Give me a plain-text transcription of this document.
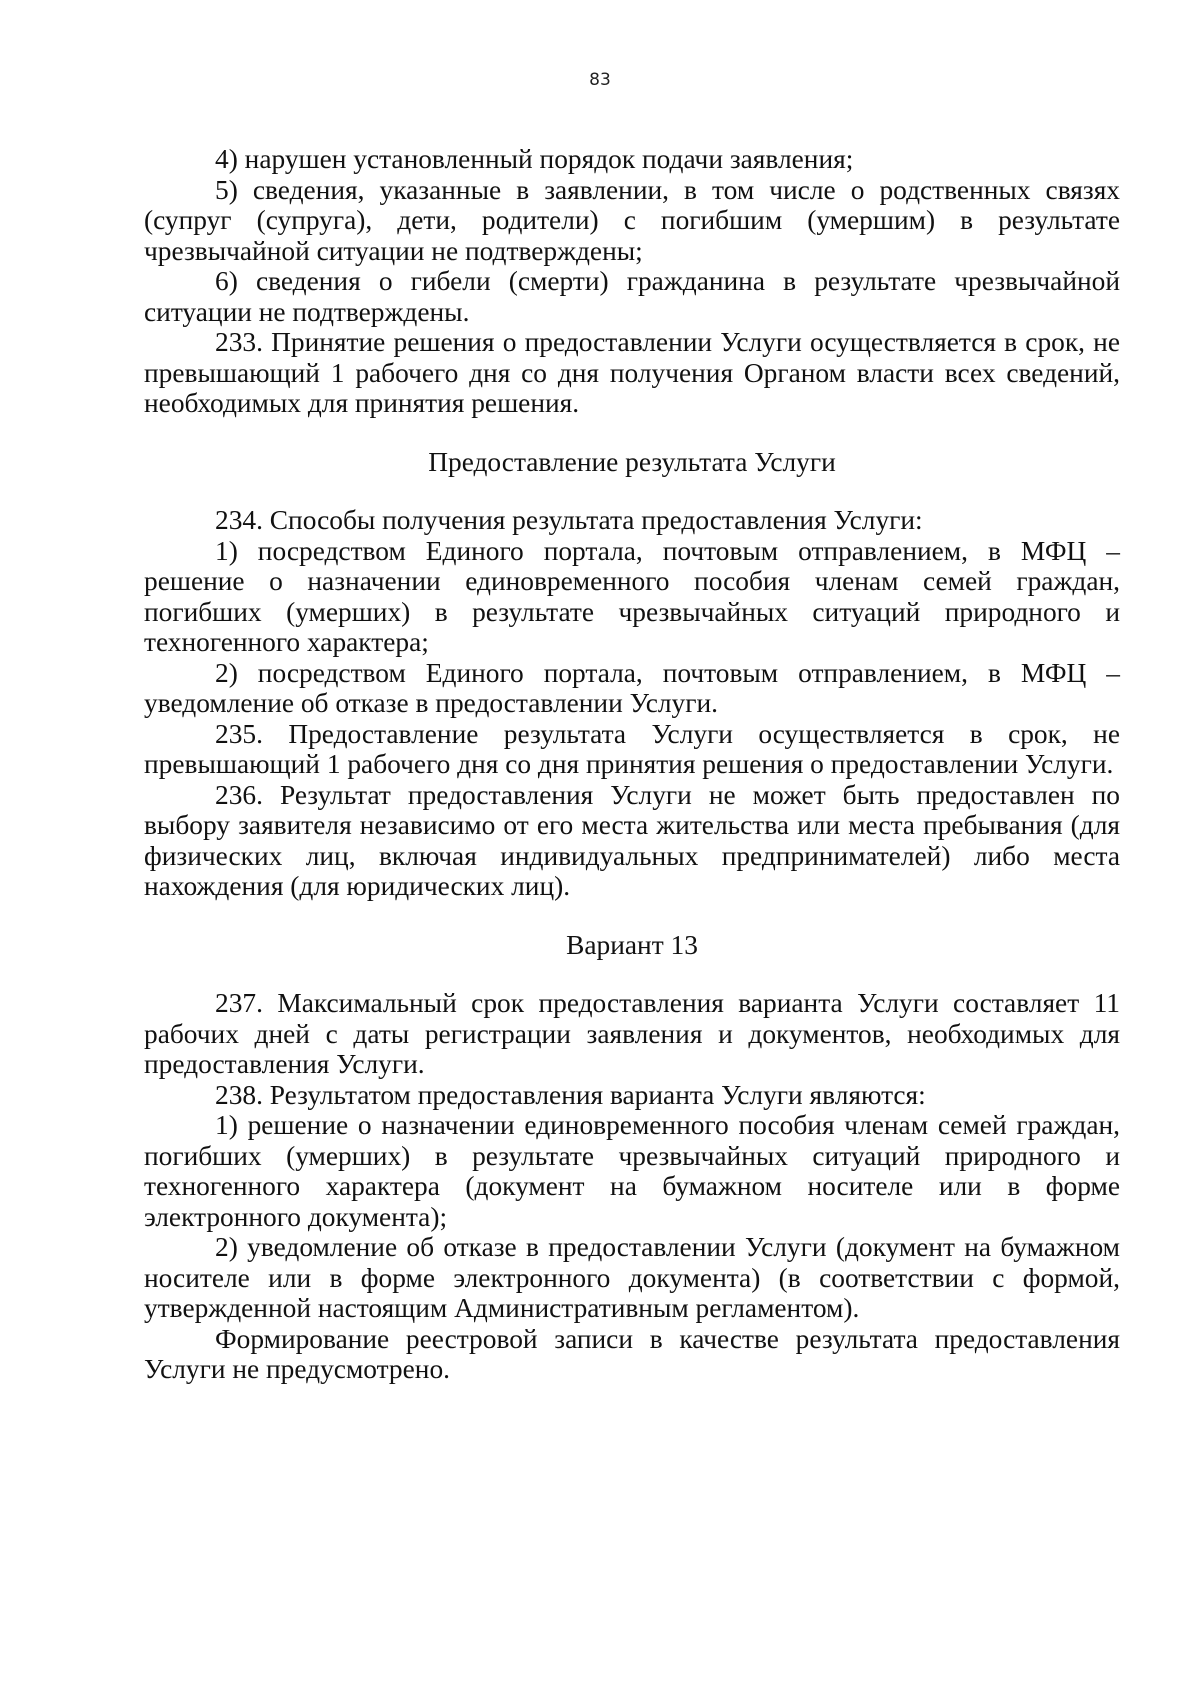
83

4) нарушен установленный порядок подачи заявления;

5) сведения, указанные в заявлении, в том числе о родственных связях (супруг (супруга), дети, родители) с погибшим (умершим) в результате чрезвычайной ситуации не подтверждены;

6) сведения о гибели (смерти) гражданина в результате чрезвычайной ситуации не подтверждены.

233. Принятие решения о предоставлении Услуги осуществляется в срок, не превышающий 1 рабочего дня со дня получения Органом власти всех сведений, необходимых для принятия решения.

Предоставление результата Услуги

234. Способы получения результата предоставления Услуги:

1) посредством Единого портала, почтовым отправлением, в МФЦ – решение о назначении единовременного пособия членам семей граждан, погибших (умерших) в результате чрезвычайных ситуаций природного и техногенного характера;

2) посредством Единого портала, почтовым отправлением, в МФЦ – уведомление об отказе в предоставлении Услуги.

235. Предоставление результата Услуги осуществляется в срок, не превышающий 1 рабочего дня со дня принятия решения о предоставлении Услуги.

236. Результат предоставления Услуги не может быть предоставлен по выбору заявителя независимо от его места жительства или места пребывания (для физических лиц, включая индивидуальных предпринимателей) либо места нахождения (для юридических лиц).

Вариант 13

237. Максимальный срок предоставления варианта Услуги составляет 11 рабочих дней с даты регистрации заявления и документов, необходимых для предоставления Услуги.

238. Результатом предоставления варианта Услуги являются:

1) решение о назначении единовременного пособия членам семей граждан, погибших (умерших) в результате чрезвычайных ситуаций природного и техногенного характера (документ на бумажном носителе или в форме электронного документа);

2) уведомление об отказе в предоставлении Услуги (документ на бумажном носителе или в форме электронного документа) (в соответствии с формой, утвержденной настоящим Административным регламентом).

Формирование реестровой записи в качестве результата предоставления Услуги не предусмотрено.
